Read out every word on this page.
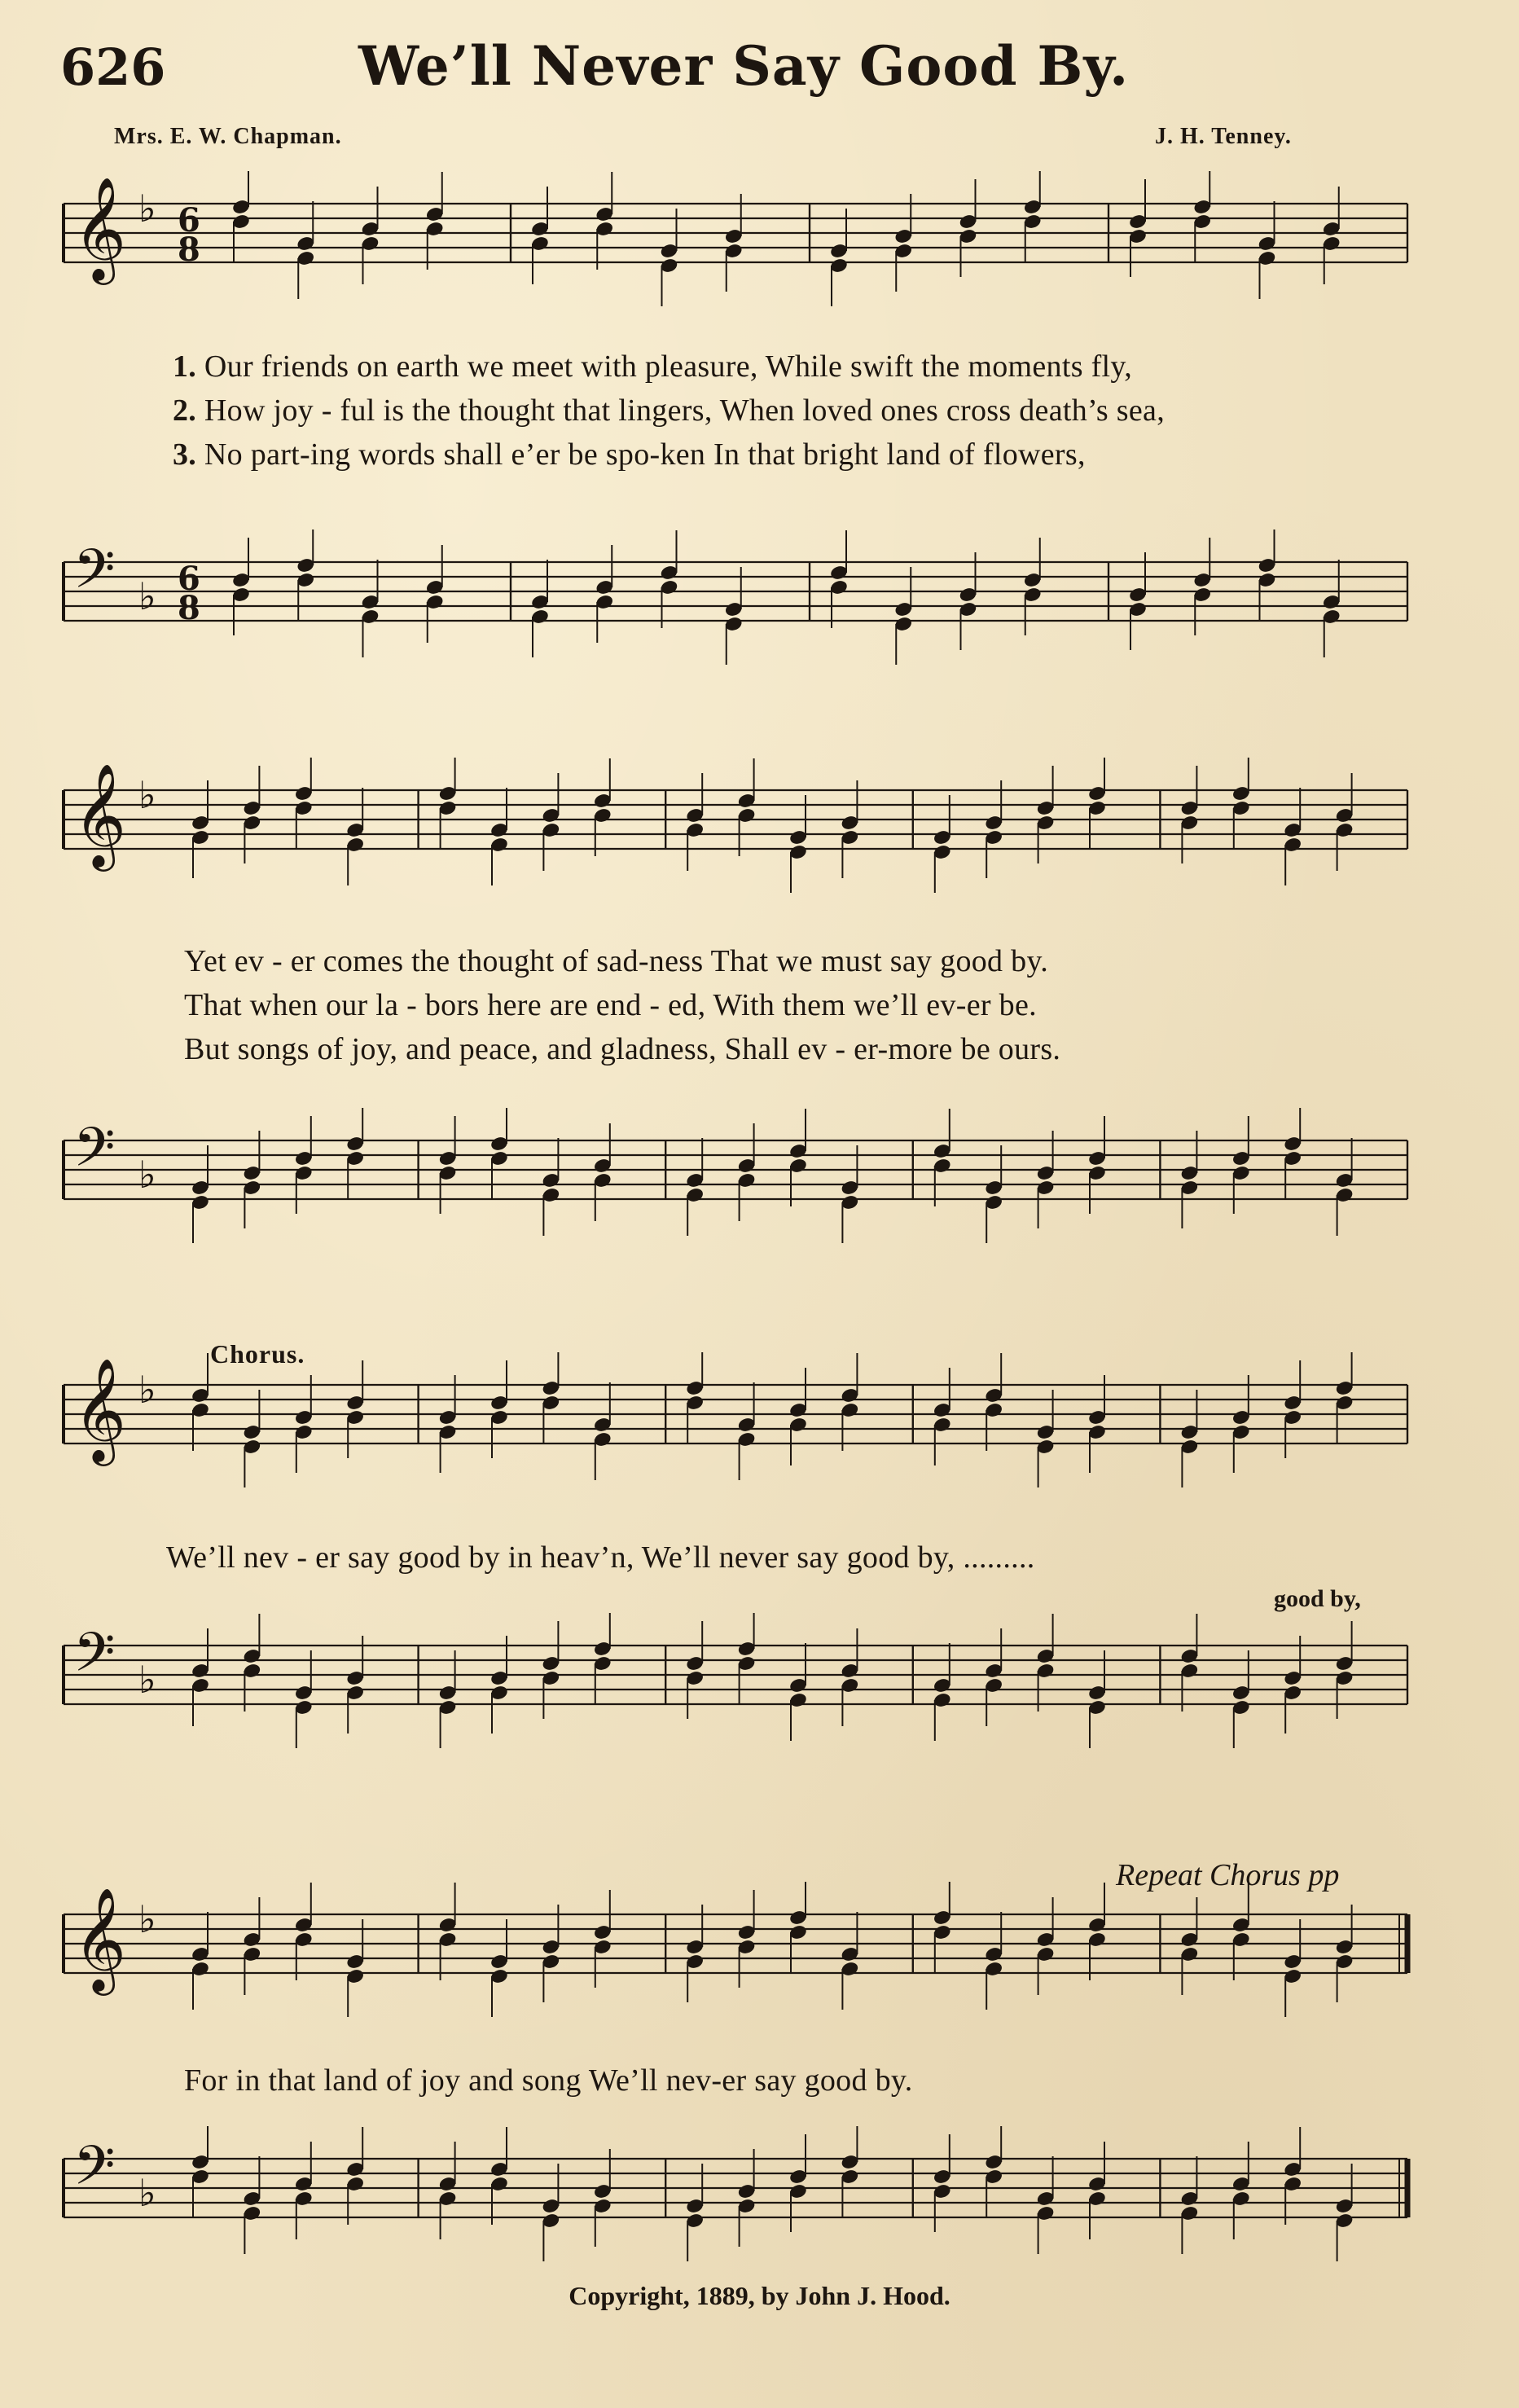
626	We’ll Never Say Good By.
Mrs. E. W. Chapman.	J. H. Tenney.
𝄞 ♭ 6
8
1. Our friends on earth we meet with pleasure, While swift the moments fly,
2. How joy - ful is the thought that lingers, When loved ones cross death’s sea,
3. No part-ing words shall e’er be spo-ken In that bright land of flowers,
𝄢 ♭ 6
8
𝄞 ♭
Yet ev - er comes the thought of sad-ness That we must say good by.
That when our la - bors here are end - ed, With them we’ll ev-er be.
But songs of joy, and peace, and gladness, Shall ev - er-more be ours.
𝄢 ♭
Chorus.
𝄞 ♭
We’ll nev - er say good by in heav’n, We’ll never say good by, .........
good by,
𝄢 ♭
Repeat Chorus pp
𝄞 ♭
For in that land of joy and song We’ll nev-er say good by.
𝄢 ♭
Copyright, 1889, by John J. Hood.
